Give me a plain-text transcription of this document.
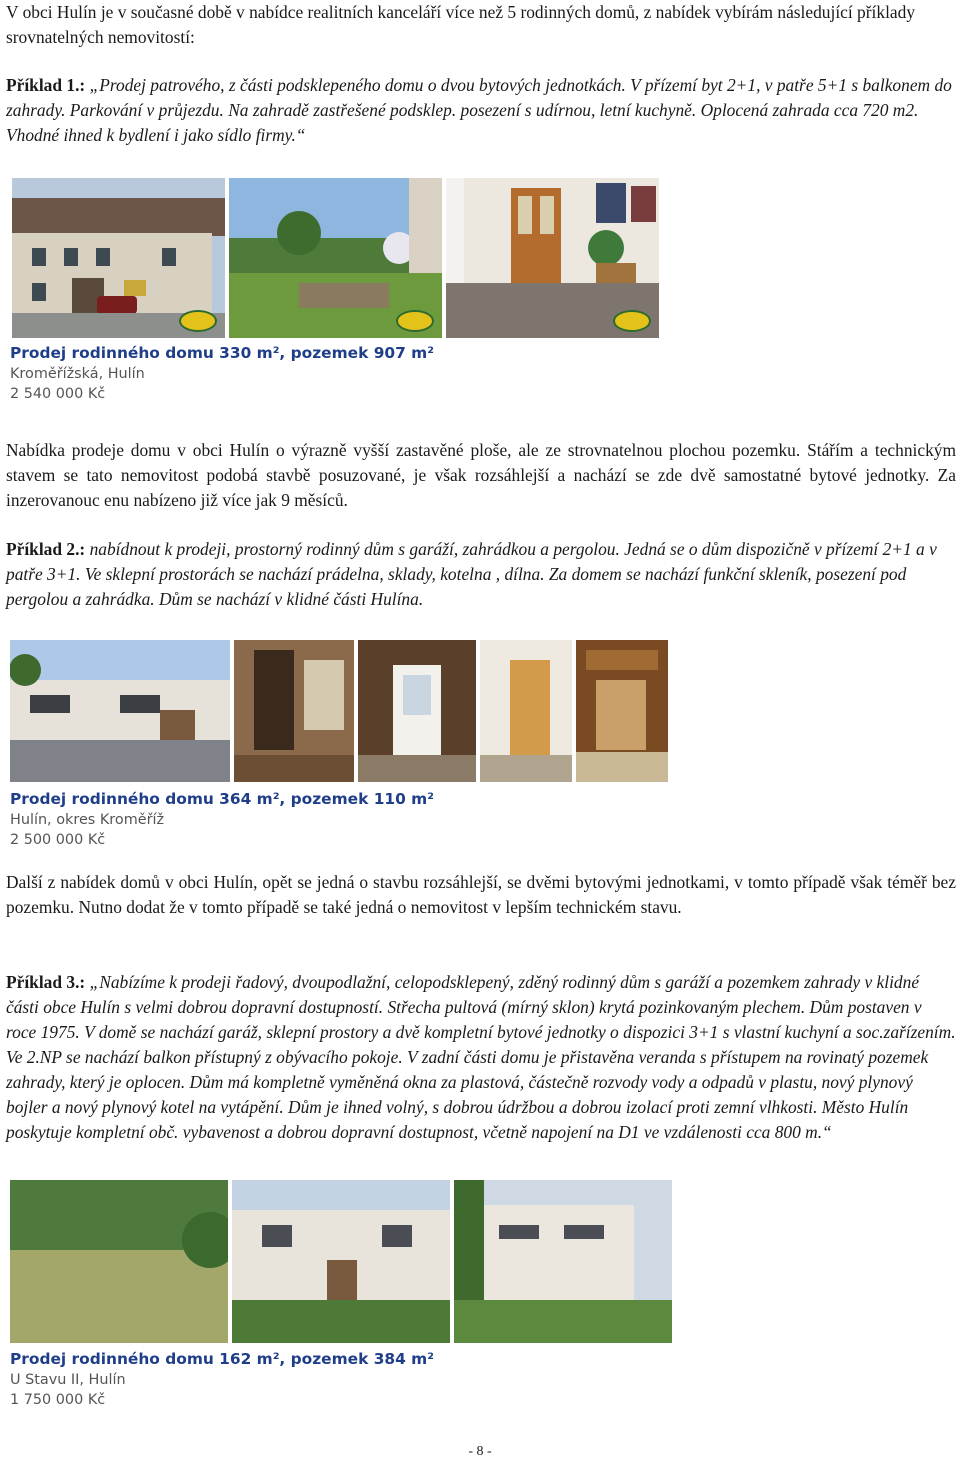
V obci Hulín je v současné době v nabídce realitních kanceláří více než 5 rodinných domů, z nabídek vybírám následující příklady srovnatelných nemovitostí:

Příklad 1.: „Prodej patrového, z části podsklepeného domu o dvou bytových jednotkách. V přízemí byt 2+1, v patře 5+1 s balkonem do zahrady. Parkování v průjezdu. Na zahradě zastřešené podsklep. posezení s udírnou, letní kuchyně. Oplocená zahrada cca 720 m2. Vhodné ihned k bydlení i jako sídlo firmy.“

Prodej rodinného domu 330 m², pozemek 907 m²
Kroměřížská, Hulín
2 540 000 Kč

Nabídka prodeje domu v obci Hulín o výrazně vyšší zastavěné ploše, ale ze strovnatelnou plochou pozemku. Stářím a technickým stavem se tato nemovitost podobá stavbě posuzované, je však rozsáhlejší a nachází se zde dvě samostatné bytové jednotky. Za inzerovanouc enu nabízeno již více jak 9 měsíců.

Příklad 2.: nabídnout k prodeji, prostorný rodinný dům s garáží, zahrádkou a pergolou. Jedná se o dům dispozičně v přízemí 2+1 a v patře 3+1. Ve sklepní prostorách se nachází prádelna, sklady, kotelna , dílna. Za domem se nachází funkční skleník, posezení pod pergolou a zahrádka. Dům se nachází v klidné části Hulína.

Prodej rodinného domu 364 m², pozemek 110 m²
Hulín, okres Kroměříž
2 500 000 Kč

Další z nabídek domů v obci Hulín, opět se jedná o stavbu rozsáhlejší, se dvěmi bytovými jednotkami, v tomto případě však téměř bez pozemku. Nutno dodat že v tomto případě se také jedná o nemovitost v lepším technickém stavu.

Příklad 3.: „Nabízíme k prodeji řadový, dvoupodlažní, celopodsklepený, zděný rodinný dům s garáží a pozemkem zahrady v klidné části obce Hulín s velmi dobrou dopravní dostupností. Střecha pultová (mírný sklon) krytá pozinkovaným plechem. Dům postaven v roce 1975. V domě se nachází garáž, sklepní prostory a dvě kompletní bytové jednotky o dispozici 3+1 s vlastní kuchyní a soc.zařízením. Ve 2.NP se nachází balkon přístupný z obývacího pokoje. V zadní části domu je přistavěna veranda s přístupem na rovinatý pozemek zahrady, který je oplocen. Dům má kompletně vyměněná okna za plastová, částečně rozvody vody a odpadů v plastu, nový plynový bojler a nový plynový kotel na vytápění. Dům je ihned volný, s dobrou údržbou a dobrou izolací proti zemní vlhkosti. Město Hulín poskytuje kompletní obč. vybavenost a dobrou dopravní dostupnost, včetně napojení na D1 ve vzdálenosti cca 800 m.“

Prodej rodinného domu 162 m², pozemek 384 m²
U Stavu II, Hulín
1 750 000 Kč
- 8 -
